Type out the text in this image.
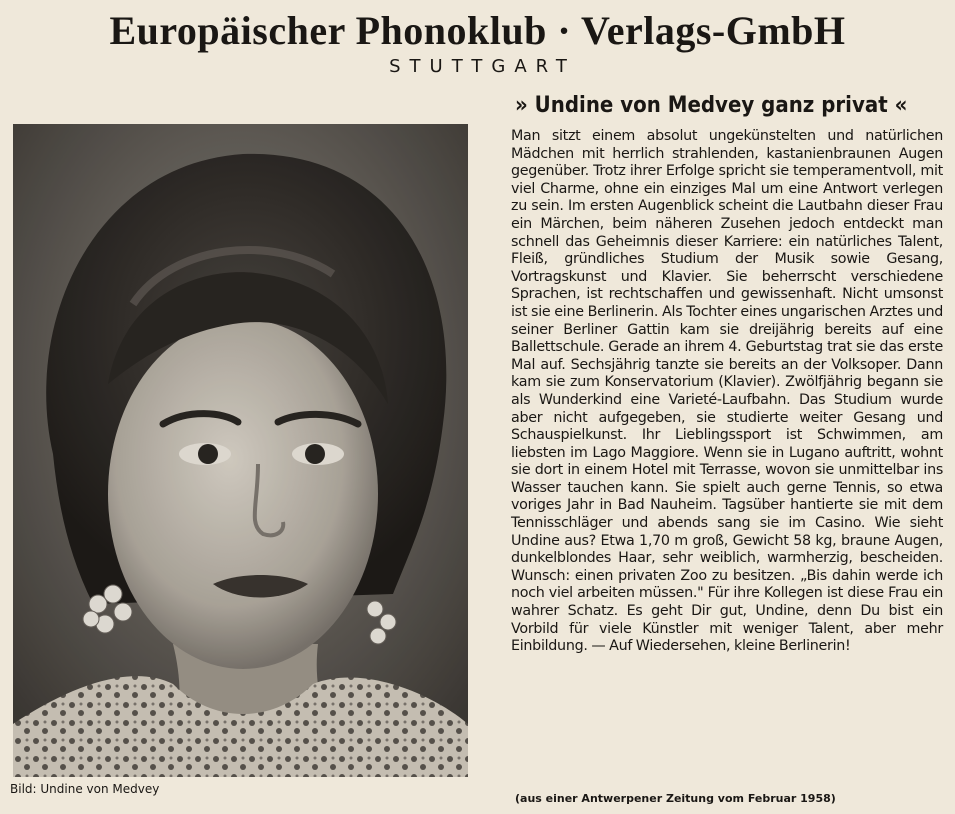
Europäischer Phonoklub · Verlags-GmbH
STUTTGART
Bild: Undine von Medvey
» Undine von Medvey ganz privat «

Man sitzt einem absolut ungekünstelten und natürlichen Mädchen mit herrlich strahlenden, kastanienbraunen Augen gegenüber. Trotz ihrer Erfolge spricht sie temperamentvoll, mit viel Charme, ohne ein einziges Mal um eine Antwort verlegen zu sein. Im ersten Augenblick scheint die Lautbahn dieser Frau ein Märchen, beim näheren Zusehen jedoch entdeckt man schnell das Geheimnis dieser Karriere: ein natürliches Talent, Fleiß, gründliches Studium der Musik sowie Gesang, Vortragskunst und Klavier. Sie beherrscht verschiedene Sprachen, ist rechtschaffen und gewissenhaft. Nicht umsonst ist sie eine Berlinerin. Als Tochter eines ungarischen Arztes und seiner Berliner Gattin kam sie dreijährig bereits auf eine Ballettschule. Gerade an ihrem 4. Geburtstag trat sie das erste Mal auf. Sechsjährig tanzte sie bereits an der Volksoper. Dann kam sie zum Konservatorium (Klavier). Zwölfjährig begann sie als Wunderkind eine Varieté-Laufbahn. Das Studium wurde aber nicht aufgegeben, sie studierte weiter Gesang und Schauspielkunst. Ihr Lieblingssport ist Schwimmen, am liebsten im Lago Maggiore. Wenn sie in Lugano auftritt, wohnt sie dort in einem Hotel mit Terrasse, wovon sie unmittelbar ins Wasser tauchen kann. Sie spielt auch gerne Tennis, so etwa voriges Jahr in Bad Nauheim. Tagsüber hantierte sie mit dem Tennisschläger und abends sang sie im Casino. Wie sieht Undine aus? Etwa 1,70 m groß, Gewicht 58 kg, braune Augen, dunkelblondes Haar, sehr weiblich, warmherzig, bescheiden. Wunsch: einen privaten Zoo zu besitzen. „Bis dahin werde ich noch viel arbeiten müssen." Für ihre Kollegen ist diese Frau ein wahrer Schatz. Es geht Dir gut, Undine, denn Du bist ein Vorbild für viele Künstler mit weniger Talent, aber mehr Einbildung. — Auf Wiedersehen, kleine Berlinerin!

(aus einer Antwerpener Zeitung vom Februar 1958)
